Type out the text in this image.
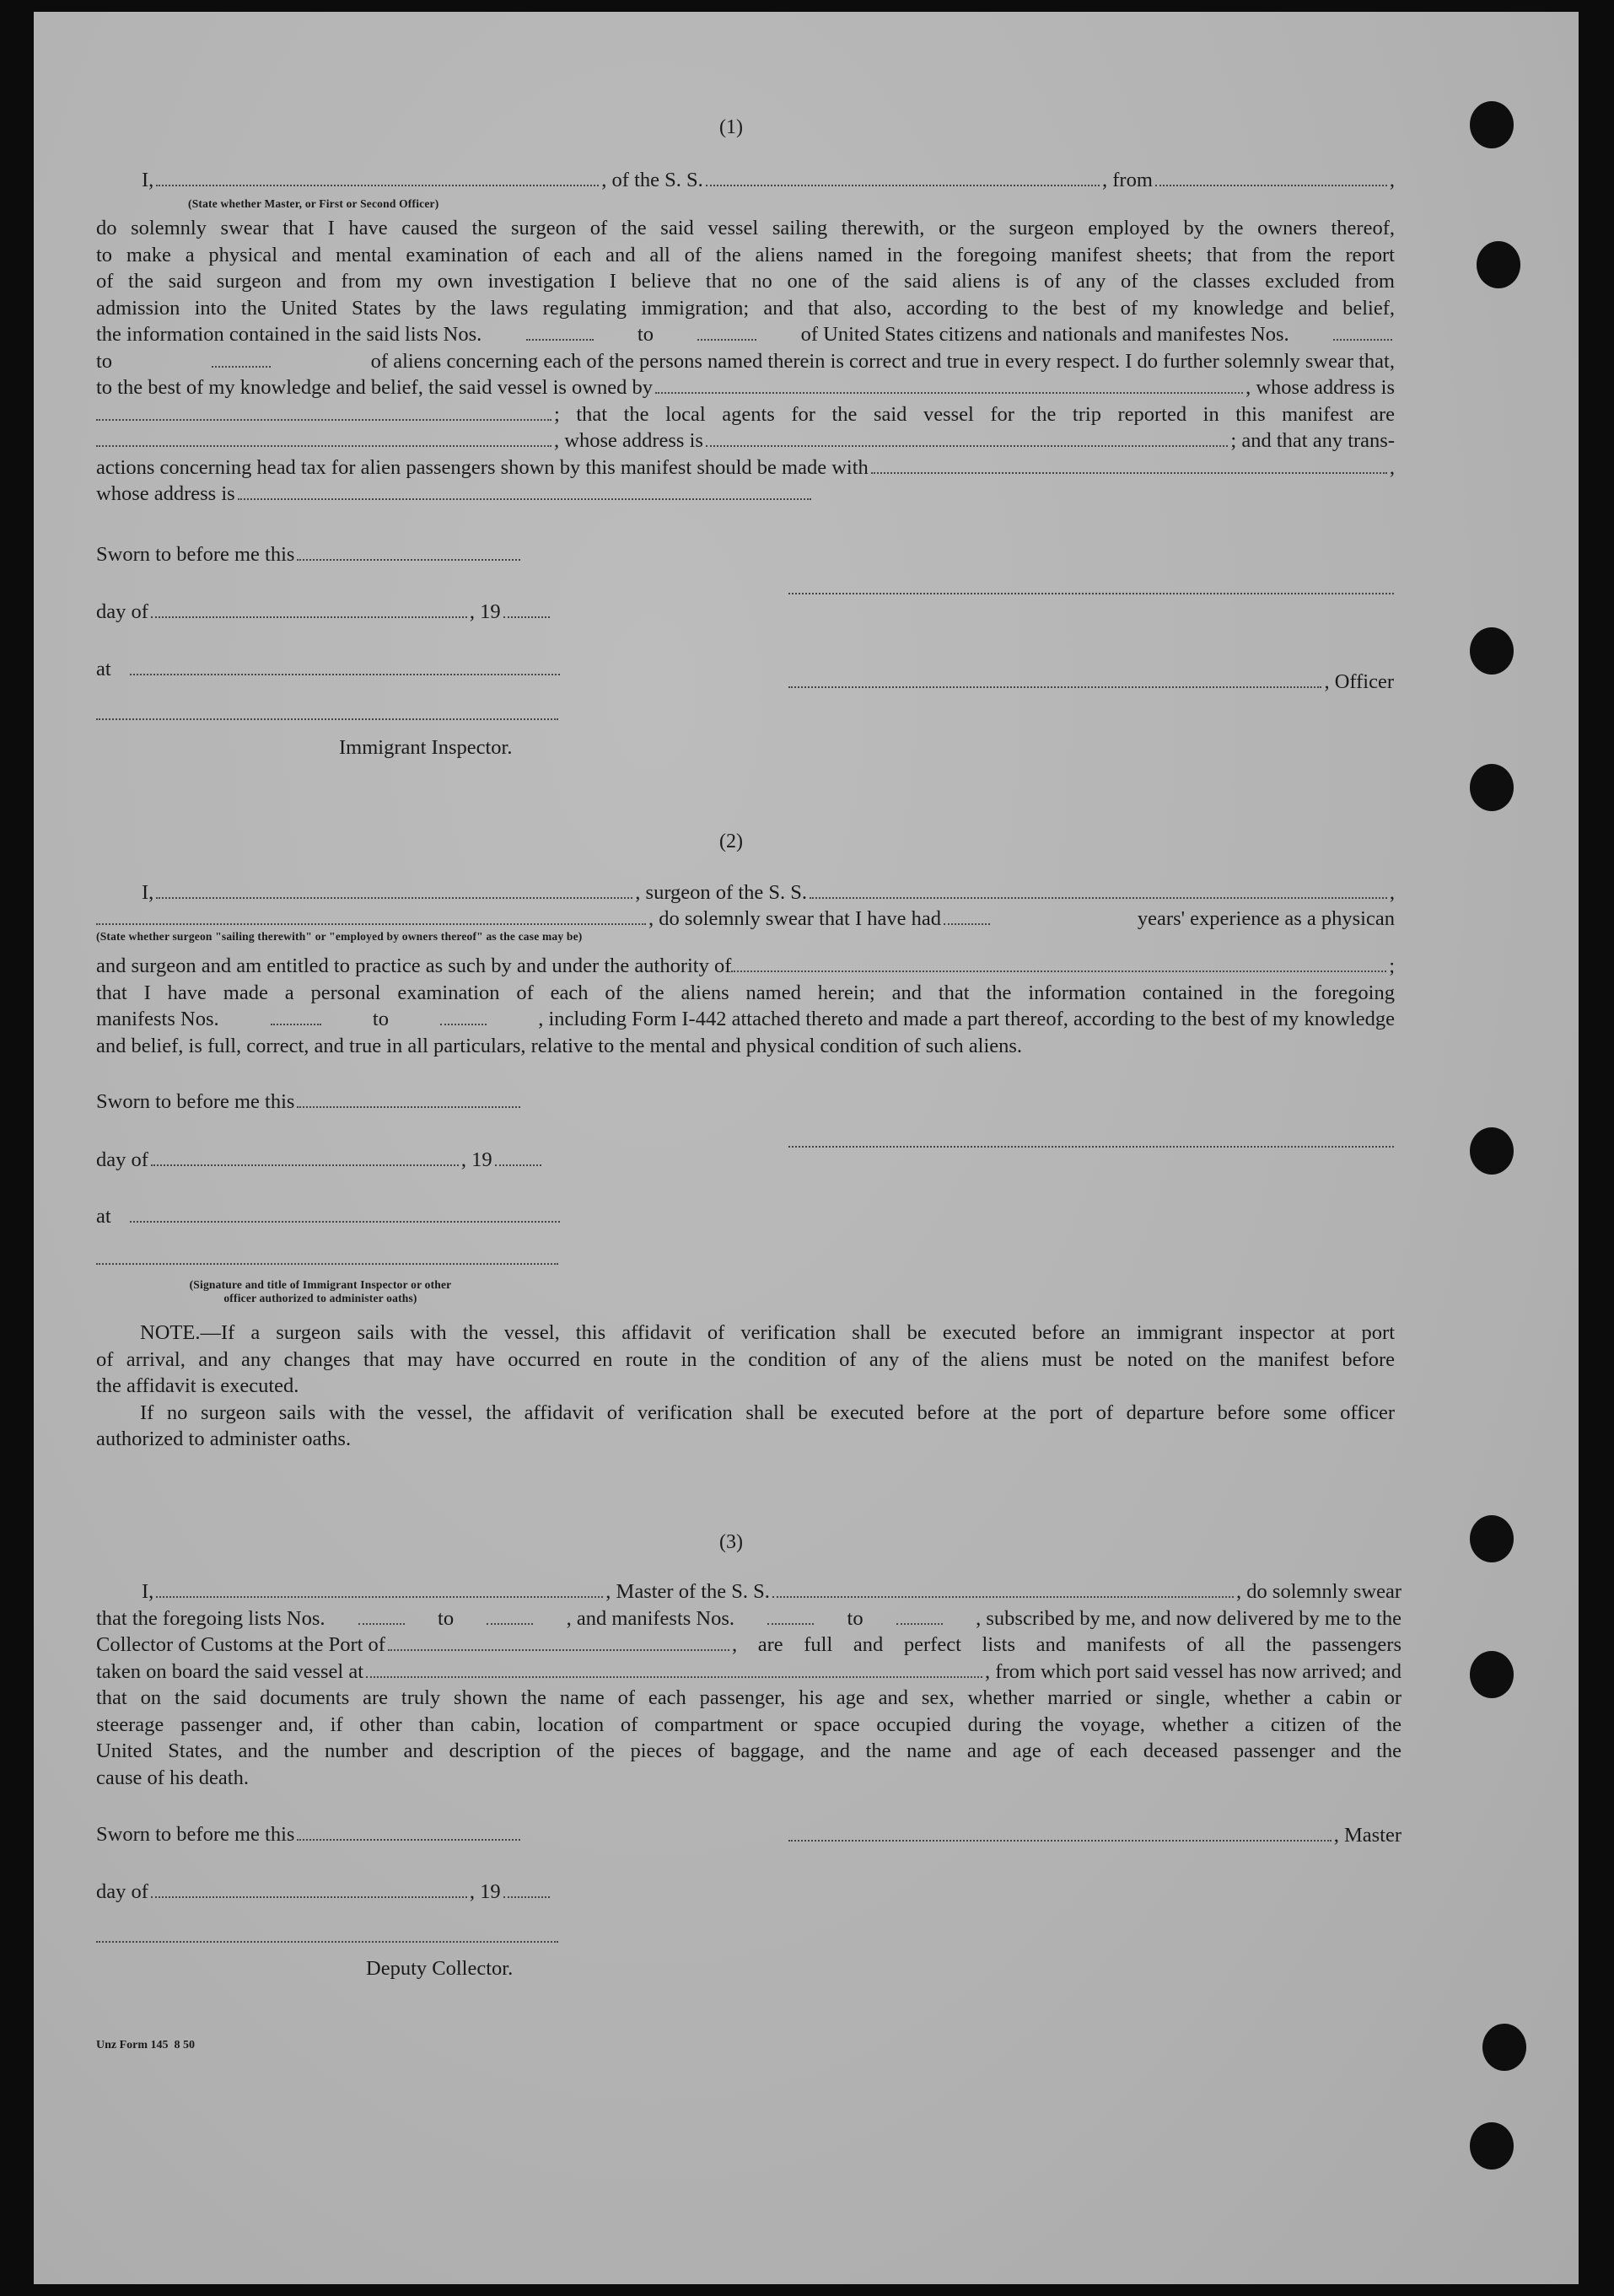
(1)
I,	, of the S. S.	, from	,
(State whether Master, or First or Second Officer)
do solemnly swear that I have caused the surgeon of the said vessel sailing therewith, or the surgeon employed by the owners thereof,
to make a physical and mental examination of each and all of the aliens named in the foregoing manifest sheets; that from the report
of the said surgeon and from my own investigation I believe that no one of the said aliens is of any of the classes excluded from
admission into the United States by the laws regulating immigration; and that also, according to the best of my knowledge and belief,
the information contained in the said lists Nos.	to	of United States citizens and nationals and manifestes Nos.
to	of aliens concerning each of the persons named therein is correct and true in every respect. I do further solemnly swear that,
to the best of my knowledge and belief, the said vessel is owned by	, whose address is
; that the local agents for the said vessel for the trip reported in this manifest are
, whose address is	; and that any trans-
actions concerning head tax for alien passengers shown by this manifest should be made with	,
whose address is
Sworn to before me this
day of	, 19
at
, Officer
Immigrant Inspector.
(2)
I,	, surgeon of the S. S.	,
, do solemnly swear that I have had	years' experience as a physican
(State whether surgeon "sailing therewith" or "employed by owners thereof" as the case may be)
and surgeon and am entitled to practice as such by and under the authority of	;
that I have made a personal examination of each of the aliens named herein; and that the information contained in the foregoing
manifests Nos.	to	, including Form I-442 attached thereto and made a part thereof, according to the best of my knowledge
and belief, is full, correct, and true in all particulars, relative to the mental and physical condition of such aliens.
Sworn to before me this
day of	, 19
at
(Signature and title of Immigrant Inspector or other
officer authorized to administer oaths)
NOTE.—If a surgeon sails with the vessel, this affidavit of verification shall be executed before an immigrant inspector at port
of arrival, and any changes that may have occurred en route in the condition of any of the aliens must be noted on the manifest before
the affidavit is executed.
If no surgeon sails with the vessel, the affidavit of verification shall be executed before at the port of departure before some officer
authorized to administer oaths.
(3)
I,	, Master of the S. S.	, do solemnly swear
that the foregoing lists Nos.	to	, and manifests Nos.	to	, subscribed by me, and now delivered by me to the
Collector of Customs at the Port of	, are full and perfect lists and manifests of all the passengers
taken on board the said vessel at	, from which port said vessel has now arrived; and
that on the said documents are truly shown the name of each passenger, his age and sex, whether married or single, whether a cabin or
steerage passenger and, if other than cabin, location of compartment or space occupied during the voyage, whether a citizen of the
United States, and the number and description of the pieces of baggage, and the name and age of each deceased passenger and the
cause of his death.
Sworn to before me this	, Master
day of	, 19
Deputy Collector.
Unz Form 145  8 50
